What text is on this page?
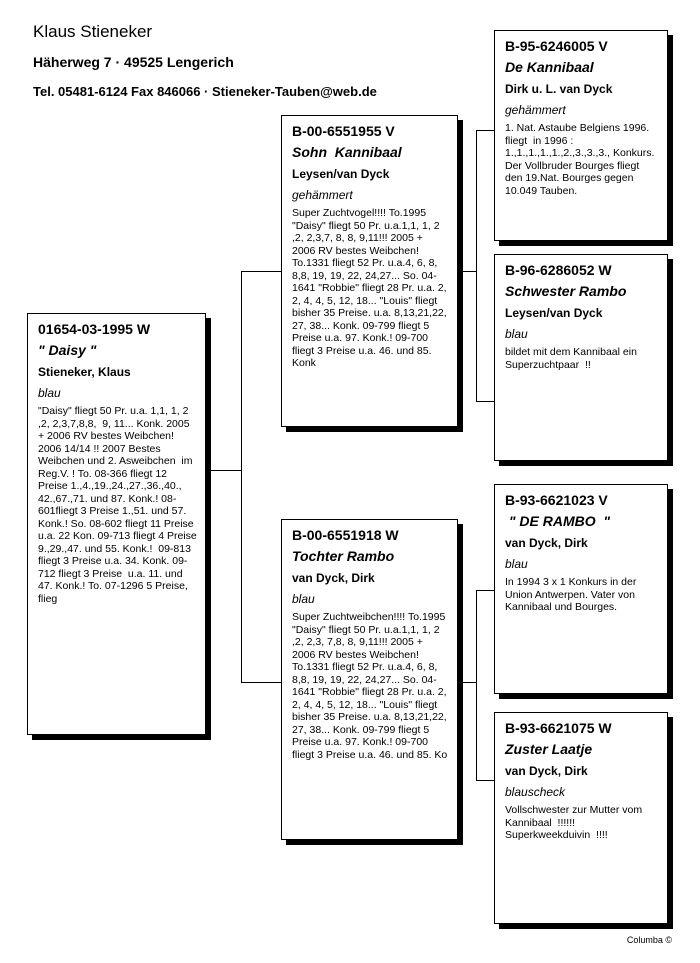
Klaus Stieneker

Häherweg 7 · 49525 Lengerich

Tel. 05481-6124 Fax 846066 · Stieneker-Tauben@web.de

01654-03-1995 W

" Daisy "

Stieneker, Klaus

blau

"Daisy" fliegt 50 Pr. u.a. 1,1, 1, 2 ,2, 2,3,7,8,8,  9, 11... Konk. 2005 + 2006 RV bestes Weibchen! 2006 14/14 !! 2007 Bestes Weibchen und 2. Asweibchen  im Reg.V. ! To. 08-366 fliegt 12 Preise 1.,4.,19.,24.,27.,36.,40., 42.,67.,71. und 87. Konk.! 08-601fliegt 3 Preise 1.,51. und 57. Konk.! So. 08-602 fliegt 11 Preise u.a. 22 Kon. 09-713 fliegt 4 Preise 9.,29.,47. und 55. Konk.!  09-813 fliegt 3 Preise u.a. 34. Konk. 09-712 fliegt 3 Preise  u.a. 11. und 47. Konk.! To. 07-1296 5 Preise, flieg

B-00-6551955 V

Sohn  Kannibaal

Leysen/van Dyck

gehämmert

Super Zuchtvogel!!!! To.1995 "Daisy" fliegt 50 Pr. u.a.1,1, 1, 2 ,2, 2,3,7, 8, 8, 9,11!!! 2005 + 2006 RV bestes Weibchen! To.1331 fliegt 52 Pr. u.a.4, 6, 8, 8,8, 19, 19, 22, 24,27... So. 04-1641 "Robbie" fliegt 28 Pr. u.a. 2, 2, 4, 4, 5, 12, 18... "Louis" fliegt bisher 35 Preise. u.a. 8,13,21,22,  27, 38... Konk. 09-799 fliegt 5 Preise u.a. 97. Konk.! 09-700 fliegt 3 Preise u.a. 46. und 85. Konk

B-00-6551918 W

Tochter Rambo

van Dyck, Dirk

blau

Super Zuchtweibchen!!!! To.1995 "Daisy" fliegt 50 Pr. u.a.1,1, 1, 2 ,2, 2,3, 7,8, 8, 9,11!!! 2005 + 2006 RV bestes Weibchen! To.1331 fliegt 52 Pr. u.a.4, 6, 8, 8,8, 19, 19, 22, 24,27... So. 04-1641 "Robbie" fliegt 28 Pr. u.a. 2, 2, 4, 4, 5, 12, 18... "Louis" fliegt bisher 35 Preise. u.a. 8,13,21,22,  27, 38... Konk. 09-799 fliegt 5 Preise u.a. 97. Konk.! 09-700 fliegt 3 Preise u.a. 46. und 85. Ko

B-95-6246005 V

De Kannibaal

Dirk u. L. van Dyck

gehämmert

1. Nat. Astaube Belgiens 1996. fliegt  in 1996 : 1.,1.,1.,1.,1.,2.,3.,3.,3., Konkurs.              Der Vollbruder Bourges fliegt den 19.Nat. Bourges gegen 10.049 Tauben.

B-96-6286052 W

Schwester Rambo

Leysen/van Dyck

blau

bildet mit dem Kannibaal ein Superzuchtpaar  !!

B-93-6621023 V

" DE RAMBO  "

van Dyck, Dirk

blau

In 1994 3 x 1 Konkurs in der Union Antwerpen. Vater von Kannibaal und Bourges.

B-93-6621075 W

Zuster Laatje

van Dyck, Dirk

blauscheck

Vollschwester zur Mutter vom Kannibaal  !!!!!! Superkweekduivin  !!!!

Columba ©
